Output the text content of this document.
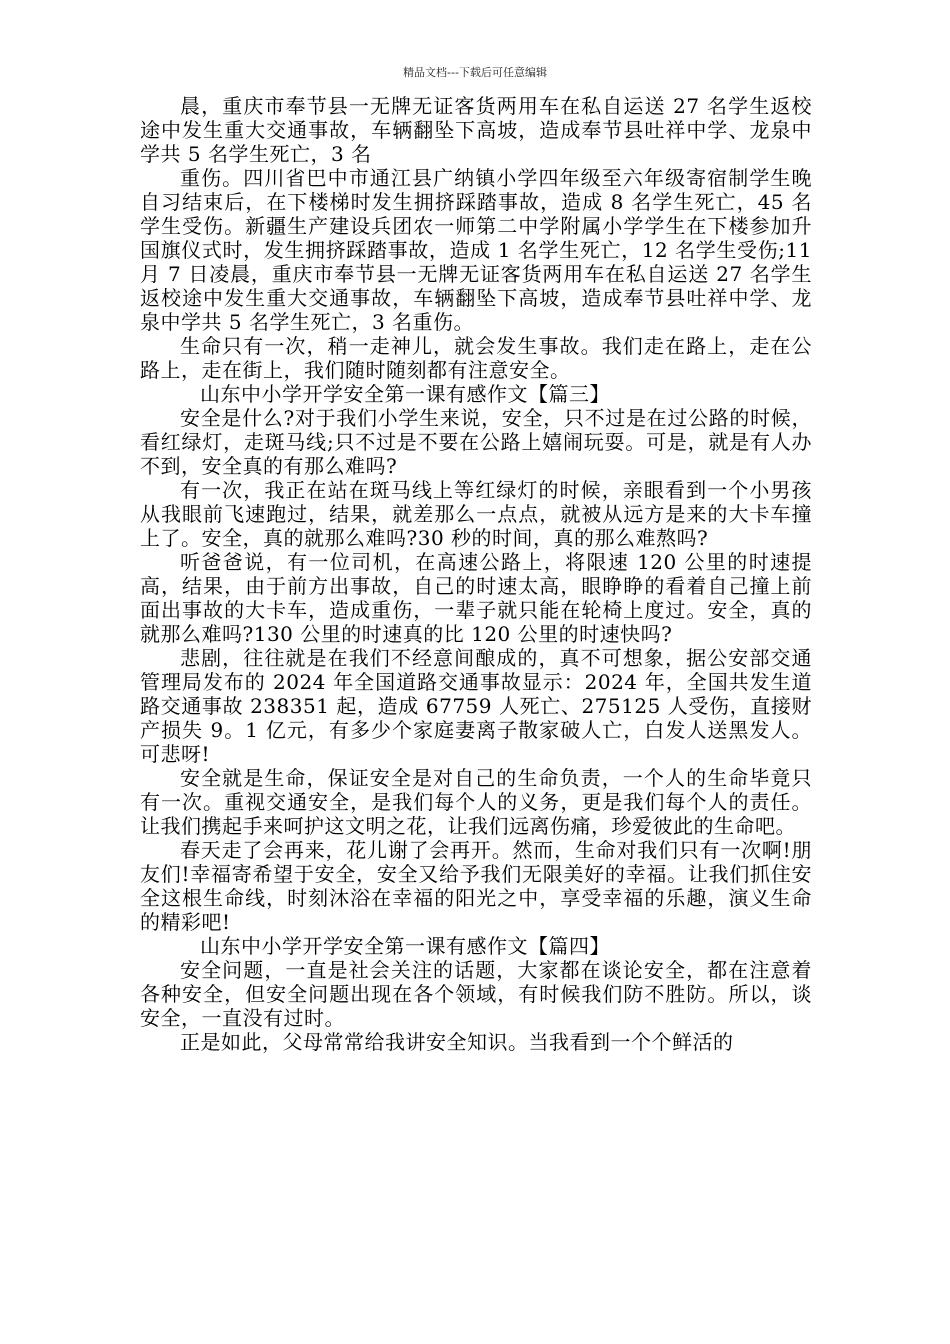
精品文档---下载后可任意编辑

晨，重庆市奉节县一无牌无证客货两用车在私自运送 27 名学生返校途中发生重大交通事故，车辆翻坠下高坡，造成奉节县吐祥中学、龙泉中学共 5 名学生死亡，3 名

重伤。四川省巴中市通江县广纳镇小学四年级至六年级寄宿制学生晚自习结束后，在下楼梯时发生拥挤踩踏事故，造成 8 名学生死亡，45 名学生受伤。新疆生产建设兵团农一师第二中学附属小学学生在下楼参加升国旗仪式时，发生拥挤踩踏事故，造成 1 名学生死亡，12 名学生受伤;11 月 7 日凌晨，重庆市奉节县一无牌无证客货两用车在私自运送 27 名学生返校途中发生重大交通事故，车辆翻坠下高坡，造成奉节县吐祥中学、龙泉中学共 5 名学生死亡，3 名重伤。

生命只有一次，稍一走神儿，就会发生事故。我们走在路上，走在公路上，走在街上，我们随时随刻都有注意安全。

山东中小学开学安全第一课有感作文【篇三】

安全是什么?对于我们小学生来说，安全，只不过是在过公路的时候，看红绿灯，走斑马线;只不过是不要在公路上嬉闹玩耍。可是，就是有人办不到，安全真的有那么难吗?

有一次，我正在站在斑马线上等红绿灯的时候，亲眼看到一个小男孩从我眼前飞速跑过，结果，就差那么一点点，就被从远方是来的大卡车撞上了。安全，真的就那么难吗?30 秒的时间，真的那么难熬吗?

听爸爸说，有一位司机，在高速公路上，将限速 120 公里的时速提高，结果，由于前方出事故，自己的时速太高，眼睁睁的看着自己撞上前面出事故的大卡车，造成重伤，一辈子就只能在轮椅上度过。安全，真的就那么难吗?130 公里的时速真的比 120 公里的时速快吗?

悲剧，往往就是在我们不经意间酿成的，真不可想象，据公安部交通管理局发布的 2024 年全国道路交通事故显示：2024 年，全国共发生道路交通事故 238351 起，造成 67759 人死亡、275125 人受伤，直接财产损失 9。1 亿元，有多少个家庭妻离子散家破人亡，白发人送黑发人。可悲呀!

安全就是生命，保证安全是对自己的生命负责，一个人的生命毕竟只有一次。重视交通安全，是我们每个人的义务，更是我们每个人的责任。让我们携起手来呵护这文明之花，让我们远离伤痛，珍爱彼此的生命吧。

春天走了会再来，花儿谢了会再开。然而，生命对我们只有一次啊!朋友们!幸福寄希望于安全，安全又给予我们无限美好的幸福。让我们抓住安全这根生命线，时刻沐浴在幸福的阳光之中，享受幸福的乐趣，演义生命的精彩吧!

山东中小学开学安全第一课有感作文【篇四】

安全问题，一直是社会关注的话题，大家都在谈论安全，都在注意着各种安全，但安全问题出现在各个领域，有时候我们防不胜防。所以，谈安全，一直没有过时。

正是如此，父母常常给我讲安全知识。当我看到一个个鲜活的
